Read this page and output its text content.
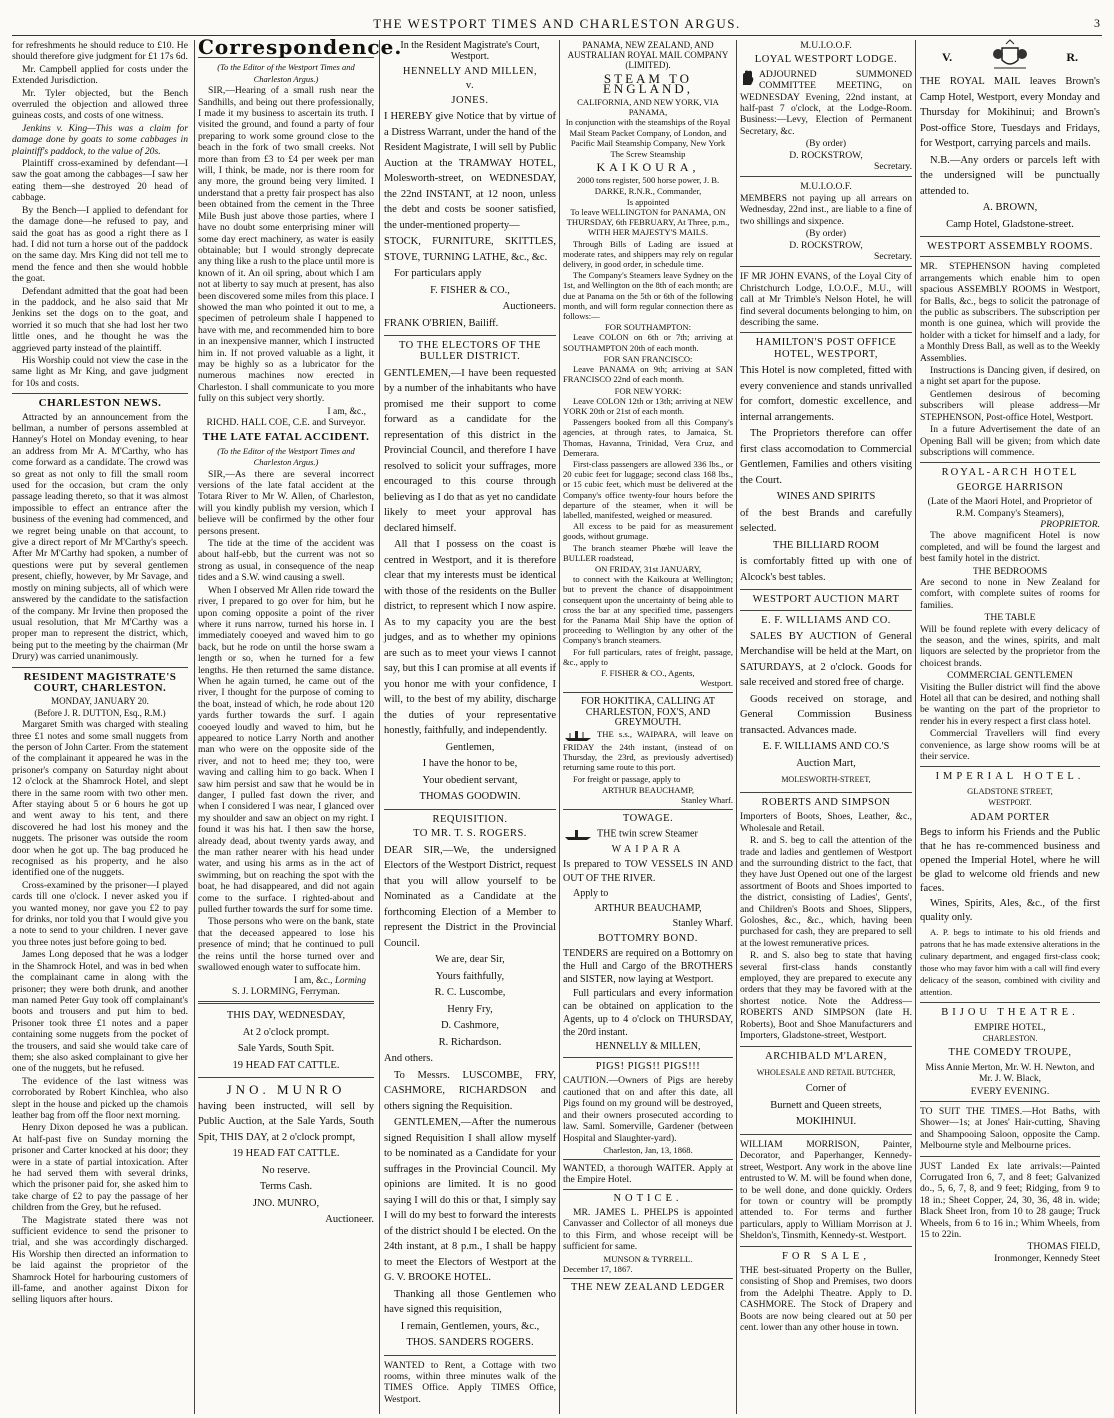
THE WESTPORT TIMES AND CHARLESTON ARGUS.	3

for refreshments he should reduce to £10. He should therefore give judgment for £1 17s 6d.

Mr. Campbell applied for costs under the Extended Jurisdiction.

Mr. Tyler objected, but the Bench overruled the objection and allowed three guineas costs, and costs of one witness.

Jenkins v. King—This was a claim for damage done by goats to some cabbages in plaintiff's paddock, to the value of 20s.

Plaintiff cross-examined by defendant—I saw the goat among the cabbages—I saw her eating them—she destroyed 20 head of cabbage.

By the Bench—I applied to defendant for the damage done—he refused to pay, and said the goat has as good a right there as I had. I did not turn a horse out of the paddock on the same day. Mrs King did not tell me to mend the fence and then she would hobble the goat.

Defendant admitted that the goat had been in the paddock, and he also said that Mr Jenkins set the dogs on to the goat, and worried it so much that she had lost her two little ones, and he thought he was the aggrieved party instead of the plaintiff.

His Worship could not view the case in the same light as Mr King, and gave judgment for 10s and costs.

CHARLESTON NEWS.

Attracted by an announcement from the bellman, a number of persons assembled at Hanney's Hotel on Monday evening, to hear an address from Mr A. M'Carthy, who has come forward as a candidate. The crowd was so great as not only to fill the small room used for the occasion, but cram the only passage leading thereto, so that it was almost impossible to effect an entrance after the business of the evening had commenced, and we regret being unable on that account, to give a direct report of Mr M'Carthy's speech. After Mr M'Carthy had spoken, a number of questions were put by several gentlemen present, chiefly, however, by Mr Savage, and mostly on mining subjects, all of which were answered by the candidate to the satisfaction of the company. Mr Irvine then proposed the usual resolution, that Mr M'Carthy was a proper man to represent the district, which, being put to the meeting by the chairman (Mr Drury) was carried unanimously.

RESIDENT MAGISTRATE'S COURT, CHARLESTON.
MONDAY, JANUARY 20.
(Before J. R. DUTTON, Esq., R.M.)

Margaret Smith was charged with stealing three £1 notes and some small nuggets from the person of John Carter. From the statement of the complainant it appeared he was in the prisoner's company on Saturday night about 12 o'clock at the Shamrock Hotel, and slept there in the same room with two other men. After staying about 5 or 6 hours he got up and went away to his tent, and there discovered he had lost his money and the nuggets. The prisoner was outside the room door when he got up. The bag produced he recognised as his property, and he also identified one of the nuggets.

Cross-examined by the prisoner—I played cards till one o'clock. I never asked you if you wanted money, nor gave you £2 to pay for drinks, nor told you that I would give you a note to send to your children. I never gave you three notes just before going to bed.

James Long deposed that he was a lodger in the Shamrock Hotel, and was in bed when the complainant came in along with the prisoner; they were both drunk, and another man named Peter Guy took off complainant's boots and trousers and put him to bed. Prisoner took three £1 notes and a paper containing some nuggets from the pocket of the trousers, and said she would take care of them; she also asked complainant to give her one of the nuggets, but he refused.

The evidence of the last witness was corroborated by Robert Kinchlea, who also slept in the house and picked up the chamois leather bag from off the floor next morning.

Henry Dixon deposed he was a publican. At half-past five on Sunday morning the prisoner and Carter knocked at his door; they were in a state of partial intoxication. After he had served them with several drinks, which the prisoner paid for, she asked him to take charge of £2 to pay the passage of her children from the Grey, but he refused.

The Magistrate stated there was not sufficient evidence to send the prisoner to trial, and she was accordingly discharged. His Worship then directed an information to be laid against the proprietor of the Shamrock Hotel for harbouring customers of ill-fame, and another against Dixon for selling liquors after hours.

Correspondence.
(To the Editor of the Westport Times and Charleston Argus.)

SIR,—Hearing of a small rush near the Sandhills, and being out there professionally, I made it my business to ascertain its truth. I visited the ground, and found a party of four preparing to work some ground close to the beach in the fork of two small creeks. Not more than from £3 to £4 per week per man will, I think, be made, nor is there room for any more, the ground being very limited. I understand that a pretty fair prospect has also been obtained from the cement in the Three Mile Bush just above those parties, where I have no doubt some enterprising miner will some day erect machinery, as water is easily obtainable; but I would strongly deprecate any thing like a rush to the place until more is known of it. An oil spring, about which I am not at liberty to say much at present, has also been discovered some miles from this place. I showed the man who pointed it out to me, a specimen of petroleum shale I happened to have with me, and recommended him to bore in an inexpensive manner, which I instructed him in. If not proved valuable as a light, it may be highly so as a lubricator for the numerous machines now erected in Charleston. I shall communicate to you more fully on this subject very shortly.

I am, &c.,
RICHD. HALL COE, C.E. and Surveyor.
THE LATE FATAL ACCIDENT.
(To the Editor of the Westport Times and Charleston Argus.)

SIR,—As there are several incorrect versions of the late fatal accident at the Totara River to Mr W. Allen, of Charleston, will you kindly publish my version, which I believe will be confirmed by the other four persons present.

The tide at the time of the accident was about half-ebb, but the current was not so strong as usual, in consequence of the neap tides and a S.W. wind causing a swell.

When I observed Mr Allen ride toward the river, I prepared to go over for him, but he upon coming opposite a point of the river where it runs narrow, turned his horse in. I immediately cooeyed and waved him to go back, but he rode on until the horse swam a length or so, when he turned for a few lengths. He then returned the same distance. When he again turned, he came out of the river, I thought for the purpose of coming to the boat, instead of which, he rode about 120 yards further towards the surf. I again cooeyed loudly and waved to him, but he appeared to notice Larry North and another man who were on the opposite side of the river, and not to heed me; they too, were waving and calling him to go back. When I saw him persist and saw that he would be in danger, I pulled fast down the river, and when I considered I was near, I glanced over my shoulder and saw an object on my right. I found it was his hat. I then saw the horse, already dead, about twenty yards away, and the man rather nearer with his head under water, and using his arms as in the act of swimming, but on reaching the spot with the boat, he had disappeared, and did not again come to the surface. I righted-about and pulled further towards the surf for some time.

Those persons who were on the bank, state that the deceased appeared to lose his presence of mind; that he continued to pull the reins until the horse turned over and swallowed enough water to suffocate him.

I am, &c., Lorming
S. J. LORMING, Ferryman.

THIS DAY, WEDNESDAY,

At 2 o'clock prompt.

Sale Yards, South Spit.

19 HEAD FAT CATTLE.

JNO. MUNRO

having been instructed, will sell by Public Auction, at the Sale Yards, South Spit, THIS DAY, at 2 o'clock prompt,

19 HEAD FAT CATTLE.

No reserve.

Terms Cash.

JNO. MUNRO,

Auctioneer.

In the Resident Magistrate's Court, Westport.
HENNELLY AND MILLEN,
v.
JONES.

I HEREBY give Notice that by virtue of a Distress Warrant, under the hand of the Resident Magistrate, I will sell by Public Auction at the TRAMWAY HOTEL, Molesworth-street, on WEDNESDAY, the 22nd INSTANT, at 12 noon, unless the debt and costs be sooner satisfied, the under-mentioned property—

STOCK, FURNITURE, SKITTLES, STOVE, TURNING LATHE, &c., &c.

For particulars apply

F. FISHER & CO.,

Auctioneers.

FRANK O'BRIEN, Bailiff.

TO THE ELECTORS OF THE BULLER DISTRICT.

GENTLEMEN,—I have been requested by a number of the inhabitants who have promised me their support to come forward as a candidate for the representation of this district in the Provincial Council, and therefore I have resolved to solicit your suffrages, more encouraged to this course through believing as I do that as yet no candidate likely to meet your approval has declared himself.

All that I possess on the coast is centred in Westport, and it is therefore clear that my interests must be identical with those of the residents on the Buller district, to represent which I now aspire. As to my capacity you are the best judges, and as to whether my opinions are such as to meet your views I cannot say, but this I can promise at all events if you honor me with your confidence, I will, to the best of my ability, discharge the duties of your representative honestly, faithfully, and independently.

Gentlemen,

I have the honor to be,

Your obedient servant,

THOMAS GOODWIN.

REQUISITION.
TO MR. T. S. ROGERS.

DEAR SIR,—We, the undersigned Electors of the Westport District, request that you will allow yourself to be Nominated as a Candidate at the forthcoming Election of a Member to represent the District in the Provincial Council.

We are, dear Sir,

Yours faithfully,

R. C. Luscombe,

Henry Fry,

D. Cashmore,

R. Richardson.

And others.

To Messrs. LUSCOMBE, FRY, CASHMORE, RICHARDSON and others signing the Requisition.

GENTLEMEN,—After the numerous signed Requisition I shall allow myself to be nominated as a Candidate for your suffrages in the Provincial Council. My opinions are limited. It is no good saying I will do this or that, I simply say I will do my best to forward the interests of the district should I be elected. On the 24th instant, at 8 p.m., I shall be happy to meet the Electors of Westport at the G. V. BROOKE HOTEL.

Thanking all those Gentlemen who have signed this requisition,

I remain, Gentlemen, yours, &c.,

THOS. SANDERS ROGERS.

WANTED to Rent, a Cottage with two rooms, within three minutes walk of the TIMES Office. Apply TIMES Office, Westport.

PANAMA, NEW ZEALAND, AND AUSTRALIAN ROYAL MAIL COMPANY (LIMITED).
STEAM TO ENGLAND,
CALIFORNIA, AND NEW YORK, VIA PANAMA,

In conjunction with the steamships of the Royal Mail Steam Packet Company, of London, and Pacific Mail Steamship Company, New York

The Screw Steamship
KAIKOURA,

2000 tons register, 500 horse power, J. B. DARKE, R.N.R., Commander,

Is appointed

To leave WELLINGTON for PANAMA, ON THURSDAY, 6th FEBRUARY, At Three, p.m., WITH HER MAJESTY'S MAILS.

Through Bills of Lading are issued at moderate rates, and shippers may rely on regular delivery, in good order, in schedule time.

The Company's Steamers leave Sydney on the 1st, and Wellington on the 8th of each month; are due at Panama on the 5th or 6th of the following month, and will form regular connection there as follows:—

FOR SOUTHAMPTON:

Leave COLON on 6th or 7th; arriving at SOUTHAMPTON 20th of each month.

FOR SAN FRANCISCO:

Leave PANAMA on 9th; arriving at SAN FRANCISCO 22nd of each month.

FOR NEW YORK:

Leave COLON 12th or 13th; arriving at NEW YORK 20th or 21st of each month.

Passengers booked from all this Company's agencies, at through rates, to Jamaica, St. Thomas, Havanna, Trinidad, Vera Cruz, and Demerara.

First-class passengers are allowed 336 lbs., or 20 cubic feet for luggage; second class 168 lbs., or 15 cubic feet, which must be delivered at the Company's office twenty-four hours before the departure of the steamer, when it will be labelled, manifested, weighed or measured.

All excess to be paid for as measurement goods, without grumage.

The branch steamer Phœbe will leave the BULLER roadstead,

ON FRIDAY, 31st JANUARY,

to connect with the Kaikoura at Wellington; but to prevent the chance of disappointment consequent upon the uncertainty of being able to cross the bar at any specified time, passengers for the Panama Mail Ship have the option of proceeding to Wellington by any other of the Company's branch steamers.

For full particulars, rates of freight, passage, &c., apply to

F. FISHER & CO., Agents,
Westport.
FOR HOKITIKA, CALLING AT CHARLESTON, FOX'S, AND GREYMOUTH.

THE s.s., WAIPARA, will leave on FRIDAY the 24th instant, (instead of on Thursday, the 23rd, as previously advertised) returning same route to this port.

For freight or passage, apply to

ARTHUR BEAUCHAMP,
Stanley Wharf.
TOWAGE.

THE twin screw Steamer

WAIPARA

Is prepared to TOW VESSELS IN AND OUT OF THE RIVER.

Apply to

ARTHUR BEAUCHAMP,

Stanley Wharf.

BOTTOMRY BOND.

TENDERS are required on a Bottomry on the Hull and Cargo of the BROTHERS and SISTER, now laying at Westport.

Full particulars and every information can be obtained on application to the Agents, up to 4 o'clock on THURSDAY, the 20rd instant.

HENNELLY & MILLEN,

PIGS! PIGS!! PIGS!!!

CAUTION.—Owners of Pigs are hereby cautioned that on and after this date, all Pigs found on my ground will be destroyed, and their owners prosecuted according to law. Saml. Somerville, Gardener (between Hospital and Slaughter-yard).

Charleston, Jan, 13, 1868.

WANTED, a thorough WAITER. Apply at the Empire Hotel.

NOTICE.

MR. JAMES L. PHELPS is appointed Canvasser and Collector of all moneys due to this Firm, and whose receipt will be sufficient for same.

MUNSON & TYRRELL.
December 17, 1867.
THE NEW ZEALAND LEDGER
M.U.I.O.O.F.
LOYAL WESTPORT LODGE.

ADJOURNED SUMMONED COMMITTEE MEETING, on WEDNESDAY Evening, 22nd instant, at half-past 7 o'clock, at the Lodge-Room. Business:—Levy, Election of Permanent Secretary, &c.

(By order)
D. ROCKSTROW,
Secretary.
M.U.I.O.O.F.

MEMBERS not paying up all arrears on Wednesday, 22nd inst., are liable to a fine of two shillings and sixpence.

(By order)
D. ROCKSTROW,
Secretary.

IF MR JOHN EVANS, of the Loyal City of Christchurch Lodge, I.O.O.F., M.U., will call at Mr Trimble's Nelson Hotel, he will find several documents belonging to him, on describing the same.

HAMILTON'S POST OFFICE HOTEL, WESTPORT,

This Hotel is now completed, fitted with every convenience and stands unrivalled for comfort, domestic excellence, and internal arrangements.

The Proprietors therefore can offer first class accomodation to Commercial Gentlemen, Families and others visiting the Court.

WINES AND SPIRITS

of the best Brands and carefully selected.

THE BILLIARD ROOM

is comfortably fitted up with one of Alcock's best tables.

WESTPORT AUCTION MART
E. F. WILLIAMS AND CO.

SALES BY AUCTION of General Merchandise will be held at the Mart, on SATURDAYS, at 2 o'clock. Goods for sale received and stored free of charge.

Goods received on storage, and General Commission Business transacted. Advances made.

E. F. WILLIAMS AND CO.'S

Auction Mart,

MOLESWORTH-STREET,

ROBERTS AND SIMPSON

Importers of Boots, Shoes, Leather, &c., Wholesale and Retail.

R. and S. beg to call the attention of the trade and ladies and gentlemen of Westport and the surrounding district to the fact, that they have Just Opened out one of the largest assortment of Boots and Shoes imported to the district, consisting of Ladies', Gents', and Children's Boots and Shoes, Slippers, Goloshes, &c., &c., which, having been purchased for cash, they are prepared to sell at the lowest remunerative prices.

R. and S. also beg to state that having several first-class hands constantly employed, they are prepared to execute any orders that they may be favored with at the shortest notice. Note the Address—ROBERTS AND SIMPSON (late H. Roberts), Boot and Shoe Manufacturers and Importers, Gladstone-street, Westport.

ARCHIBALD M'LAREN,

WHOLESALE AND RETAIL BUTCHER,

Corner of

Burnett and Queen streets,

MOKIHINUI.

WILLIAM MORRISON, Painter, Decorator, and Paperhanger, Kennedy-street, Westport. Any work in the above line entrusted to W. M. will be found when done, to be well done, and done quickly. Orders for town or country will be promptly attended to. For terms and further particulars, apply to William Morrison at J. Sheldon's, Tinsmith, Kennedy-st. Westport.

FOR SALE,

THE best-situated Property on the Buller, consisting of Shop and Premises, two doors from the Adelphi Theatre. Apply to D. CASHMORE. The Stock of Drapery and Boots are now being cleared out at 50 per cent. lower than any other house in town.

V.	R.

THE ROYAL MAIL leaves Brown's Camp Hotel, Westport, every Monday and Thursday for Mokihinui; and Brown's Post-office Store, Tuesdays and Fridays, for Westport, carrying parcels and mails.

N.B.—Any orders or parcels left with the undersigned will be punctually attended to.

A. BROWN,

Camp Hotel, Gladstone-street.

WESTPORT ASSEMBLY ROOMS.

MR. STEPHENSON having completed arrangements which enable him to open spacious ASSEMBLY ROOMS in Westport, for Balls, &c., begs to solicit the patronage of the public as subscribers. The subscription per month is one guinea, which will provide the holder with a ticket for himself and a lady, for a Monthly Dress Ball, as well as to the Weekly Assemblies.

Instructions is Dancing given, if desired, on a night set apart for the pupose.

Gentlemen desirous of becoming subscribers will please address—Mr STEPHENSON, Post-office Hotel, Westport.

In a future Advertisement the date of an Opening Ball will be given; from which date subscriptions will commence.

ROYAL-ARCH HOTEL
GEORGE HARRISON
(Late of the Maori Hotel, and Proprietor of R.M. Company's Steamers),
PROPRIETOR.

The above magnificent Hotel is now completed, and will be found the largest and best family hotel in the district.

THE BEDROOMS

Are second to none in New Zealand for comfort, with complete suites of rooms for families.

THE TABLE

Will be found replete with every delicacy of the season, and the wines, spirits, and malt liquors are selected by the proprietor from the choicest brands.

COMMERCIAL GENTLEMEN

Visiting the Buller district will find the above Hotel all that can be desired, and nothing shall be wanting on the part of the proprietor to render his in every respect a first class hotel.

Commercial Travellers will find every convenience, as large show rooms will be at their service.

IMPERIAL HOTEL.
GLADSTONE STREET,
WESTPORT.
ADAM PORTER

Begs to inform his Friends and the Public that he has re-commenced business and opened the Imperial Hotel, where he will be glad to welcome old friends and new faces.

Wines, Spirits, Ales, &c., of the first quality only.

A. P. begs to intimate to his old friends and patrons that he has made extensive alterations in the culinary department, and engaged first-class cook; those who may favor him with a call will find every delicacy of the season, combined with civility and attention.

BIJOU THEATRE.
EMPIRE HOTEL,
CHARLESTON.
THE COMEDY TROUPE,

Miss Annie Merton, Mr. W. H. Newton, and Mr. J. W. Black,

EVERY EVENING.

TO SUIT THE TIMES.—Hot Baths, with Shower—1s; at Jones' Hair-cutting, Shaving and Shampooing Saloon, opposite the Camp. Melbourne style and Melbourne prices.

JUST Landed Ex late arrivals:—Painted Corrugated Iron 6, 7, and 8 feet; Galvanized do., 5, 6, 7, 8, and 9 feet; Ridging, from 9 to 18 in.; Sheet Copper, 24, 30, 36, 48 in. wide; Black Sheet Iron, from 10 to 28 gauge; Truck Wheels, from 6 to 16 in.; Whim Wheels, from 15 to 22in.

THOMAS FIELD,
Ironmonger, Kennedy Steet
